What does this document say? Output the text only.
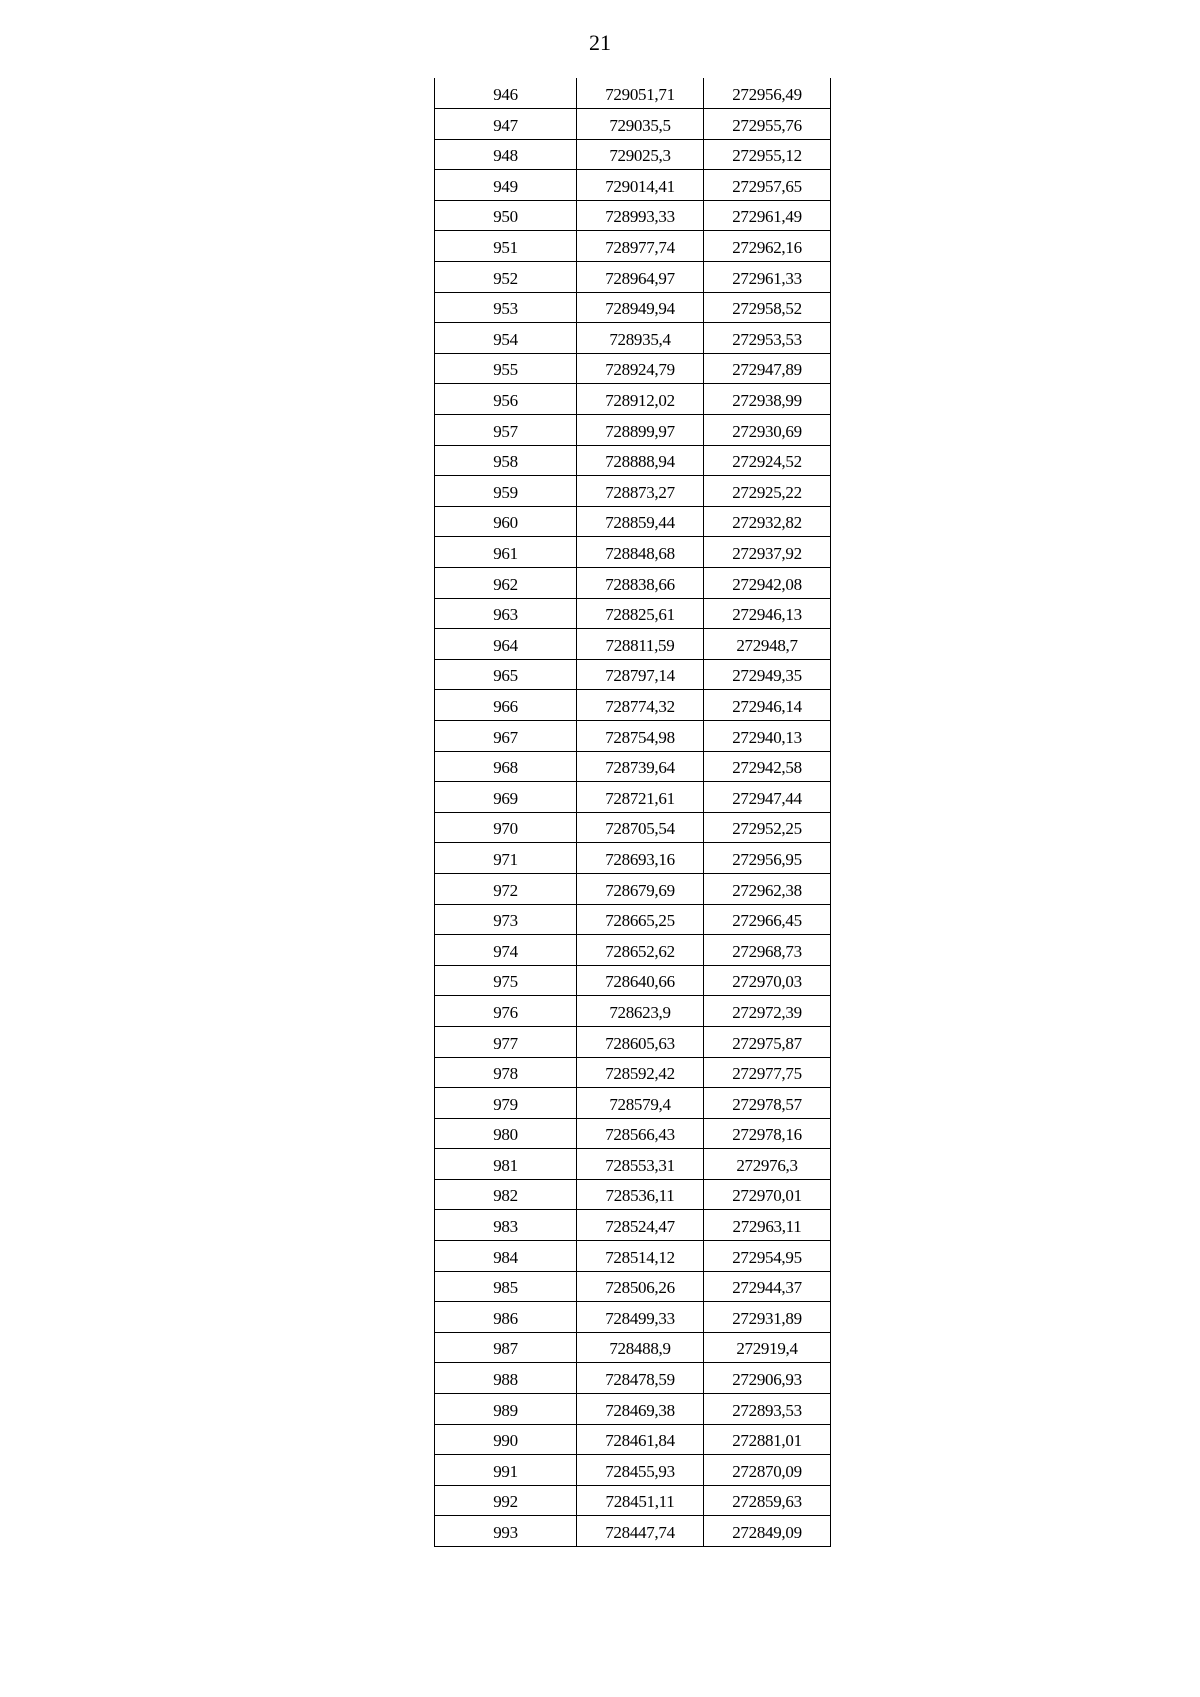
21
946	729051,71	272956,49
947	729035,5	272955,76
948	729025,3	272955,12
949	729014,41	272957,65
950	728993,33	272961,49
951	728977,74	272962,16
952	728964,97	272961,33
953	728949,94	272958,52
954	728935,4	272953,53
955	728924,79	272947,89
956	728912,02	272938,99
957	728899,97	272930,69
958	728888,94	272924,52
959	728873,27	272925,22
960	728859,44	272932,82
961	728848,68	272937,92
962	728838,66	272942,08
963	728825,61	272946,13
964	728811,59	272948,7
965	728797,14	272949,35
966	728774,32	272946,14
967	728754,98	272940,13
968	728739,64	272942,58
969	728721,61	272947,44
970	728705,54	272952,25
971	728693,16	272956,95
972	728679,69	272962,38
973	728665,25	272966,45
974	728652,62	272968,73
975	728640,66	272970,03
976	728623,9	272972,39
977	728605,63	272975,87
978	728592,42	272977,75
979	728579,4	272978,57
980	728566,43	272978,16
981	728553,31	272976,3
982	728536,11	272970,01
983	728524,47	272963,11
984	728514,12	272954,95
985	728506,26	272944,37
986	728499,33	272931,89
987	728488,9	272919,4
988	728478,59	272906,93
989	728469,38	272893,53
990	728461,84	272881,01
991	728455,93	272870,09
992	728451,11	272859,63
993	728447,74	272849,09
